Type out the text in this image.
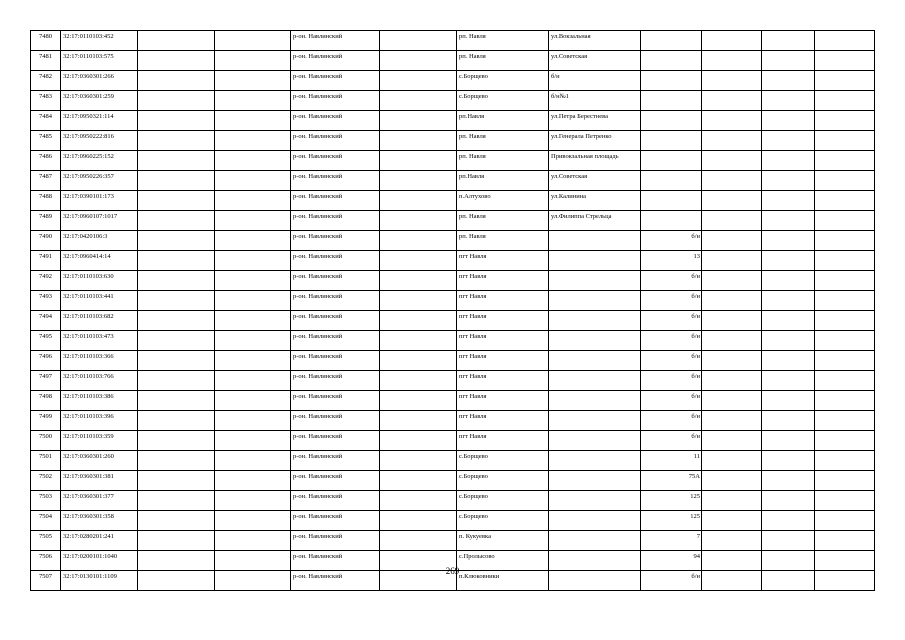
7480	32:17:0110103:452			р-он. Навлинский		рп. Навля	ул.Вокзальная				
7481	32:17:0110103:575			р-он. Навлинский		рп. Навля	ул.Советская				
7482	32:17:0360301:266			р-он. Навлинский		с.Борщево	б/н				
7483	32:17:0360301:259			р-он. Навлинский		с.Борщево	б/н№1				
7484	32:17:0950321:114			р-он. Навлинский		рп.Навля	ул.Петра Берестнева				
7485	32:17:0950222:816			р-он. Навлинский		рп. Навля	ул.Генерала Петренко				
7486	32:17:0960225:152			р-он. Навлинский		рп. Навля	Привокзальная площадь				
7487	32:17:0950226:357			р-он. Навлинский		рп.Навля	ул.Советская				
7488	32:17:0390101:173			р-он. Навлинский		п.Алтухово	ул.Калинина				
7489	32:17:0960107:1017			р-он. Навлинский		рп. Навля	ул.Филиппа Стрельца				
7490	32:17:0420106:3			р-он. Навлинский		рп. Навля		б/н			
7491	32:17:0960414:14			р-он. Навлинский		пгт Навля		13			
7492	32:17:0110103:630			р-он. Навлинский		пгт Навля		б/н			
7493	32:17:0110103:441			р-он. Навлинский		пгт Навля		б/н			
7494	32:17:0110103:682			р-он. Навлинский		пгт Навля		б/н			
7495	32:17:0110103:473			р-он. Навлинский		пгт Навля		б/н			
7496	32:17:0110103:366			р-он. Навлинский		пгт Навля		б/н			
7497	32:17:0110103:766			р-он. Навлинский		пгт Навля		б/н			
7498	32:17:0110103:386			р-он. Навлинский		пгт Навля		б/н			
7499	32:17:0110103:396			р-он. Навлинский		пгт Навля		б/н			
7500	32:17:0110103:359			р-он. Навлинский		пгт Навля		б/н			
7501	32:17:0360301:260			р-он. Навлинский		с.Борщево		11			
7502	32:17:0360301:381			р-он. Навлинский		с.Борщево		75А			
7503	32:17:0360301:377			р-он. Навлинский		с.Борщево		125			
7504	32:17:0360301:358			р-он. Навлинский		с.Борщево		125			
7505	32:17:0280201:241			р-он. Навлинский		п. Кукуевка		7			
7506	32:17:0200101:1040			р-он. Навлинский		с.Пролысово		94			
7507	32:17:0130101:1109			р-он. Навлинский		п.Клюковники		б/н			
269
